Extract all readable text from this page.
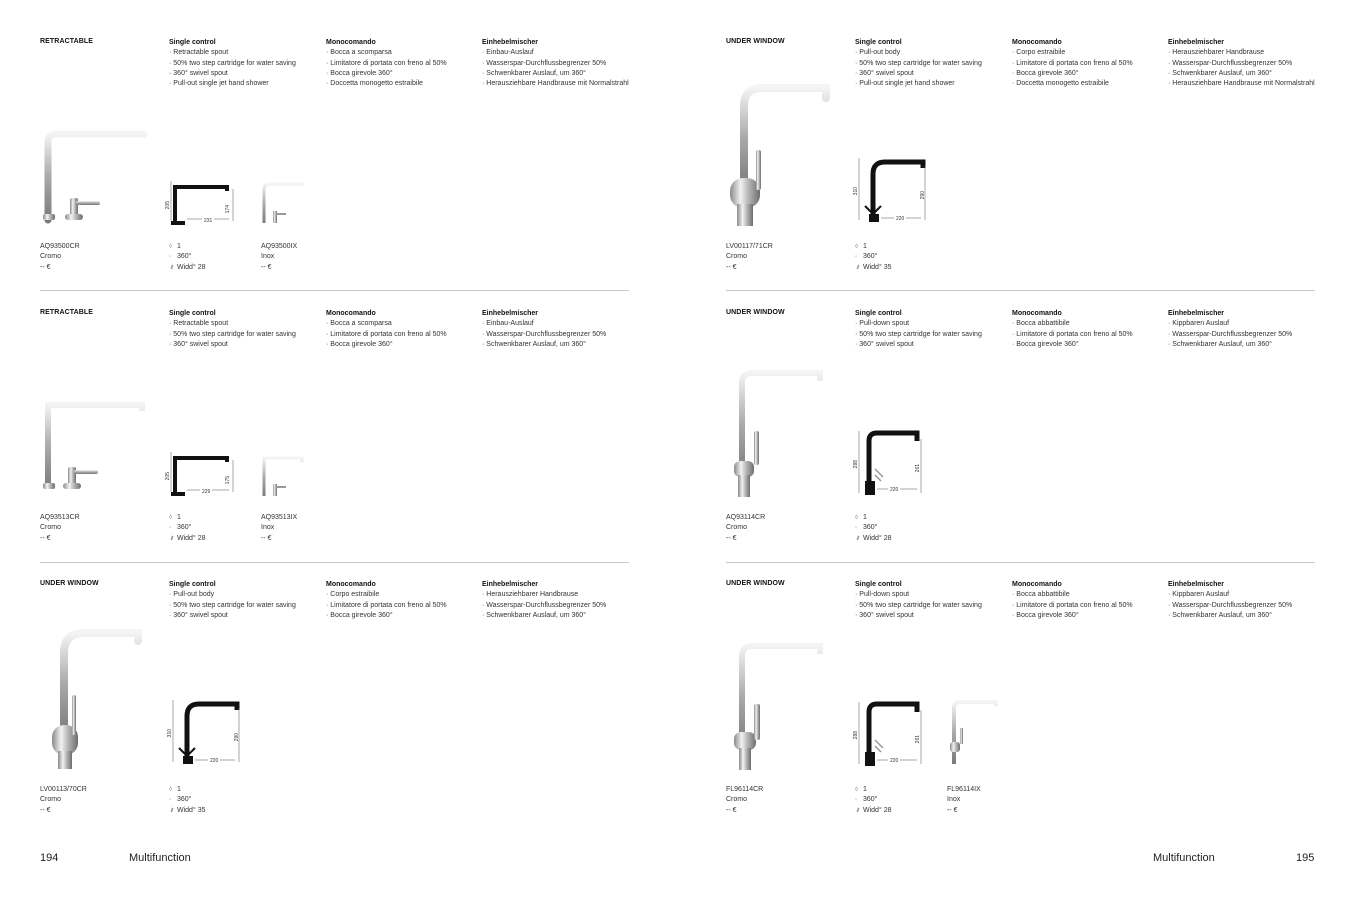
RETRACTABLE	Single control
· Retractable spout
· 50% two step cartridge for water saving
· 360° swivel spout
· Pull-out single jet hand shower
Monocomando
· Bocca a scomparsa
· Limitatore di portata con freno al 50%
· Bocca girevole 360°
· Doccetta monogetto estraibile
Einhebelmischer
· Einbau-Auslauf
· Wasserspar-Durchflussbegrenzer 50%
· Schwenkbarer Auslauf, um 360°
· Herausziehbare Handbrause mit Normalstrahl
205
231
174
AQ93500CR
Cromo
-- €
◊ 1
◦ 360°
⇟ Widd° 28
AQ93500IX
Inox
-- €
RETRACTABLE	Single control
· Retractable spout
· 50% two step cartridge for water saving
· 360° swivel spout
Monocomando
· Bocca a scomparsa
· Limitatore di portata con freno al 50%
· Bocca girevole 360°
Einhebelmischer
· Einbau-Auslauf
· Wasserspar-Durchflussbegrenzer 50%
· Schwenkbarer Auslauf, um 360°
205
229
175
AQ93513CR
Cromo
-- €
◊ 1
◦ 360°
⇟ Widd° 28
AQ93513IX
Inox
-- €
UNDER WINDOW	Single control
· Pull-out body
· 50% two step cartridge for water saving
· 360° swivel spout
Monocomando
· Corpo estraibile
· Limitatore di portata con freno al 50%
· Bocca girevole 360°
Einhebelmischer
· Herausziehbarer Handbrause
· Wasserspar-Durchflussbegrenzer 50%
· Schwenkbarer Auslauf, um 360°
310
220
290
LV00113/70CR
Cromo
-- €
◊ 1
◦ 360°
⇟ Widd° 35
UNDER WINDOW	Single control
· Pull-out body
· 50% two step cartridge for water saving
· 360° swivel spout
· Pull-out single jet hand shower
Monocomando
· Corpo estraibile
· Limitatore di portata con freno al 50%
· Bocca girevole 360°
· Doccetta monogetto estraibile
Einhebelmischer
· Herausziehbarer Handbrause
· Wasserspar-Durchflussbegrenzer 50%
· Schwenkbarer Auslauf, um 360°
· Herausziehbare Handbrause mit Normalstrahl
310
220
290
LV00117/71CR
Cromo
-- €
◊ 1
◦ 360°
⇟ Widd° 35
UNDER WINDOW	Single control
· Pull-down spout
· 50% two step cartridge for water saving
· 360° swivel spout
Monocomando
· Bocca abbattibile
· Limitatore di portata con freno al 50%
· Bocca girevole 360°
Einhebelmischer
· Kippbaren Auslauf
· Wasserspar-Durchflussbegrenzer 50%
· Schwenkbarer Auslauf, um 360°
288
220
261
AQ93114CR
Cromo
-- €
◊ 1
◦ 360°
⇟ Widd° 28
UNDER WINDOW	Single control
· Pull-down spout
· 50% two step cartridge for water saving
· 360° swivel spout
Monocomando
· Bocca abbattibile
· Limitatore di portata con freno al 50%
· Bocca girevole 360°
Einhebelmischer
· Kippbaren Auslauf
· Wasserspar-Durchflussbegrenzer 50%
· Schwenkbarer Auslauf, um 360°
288
220
261
FL96114CR
Cromo
-- €
◊ 1
◦ 360°
⇟ Widd° 28
FL96114IX
Inox
-- €
194	Multifunction	Multifunction	195
